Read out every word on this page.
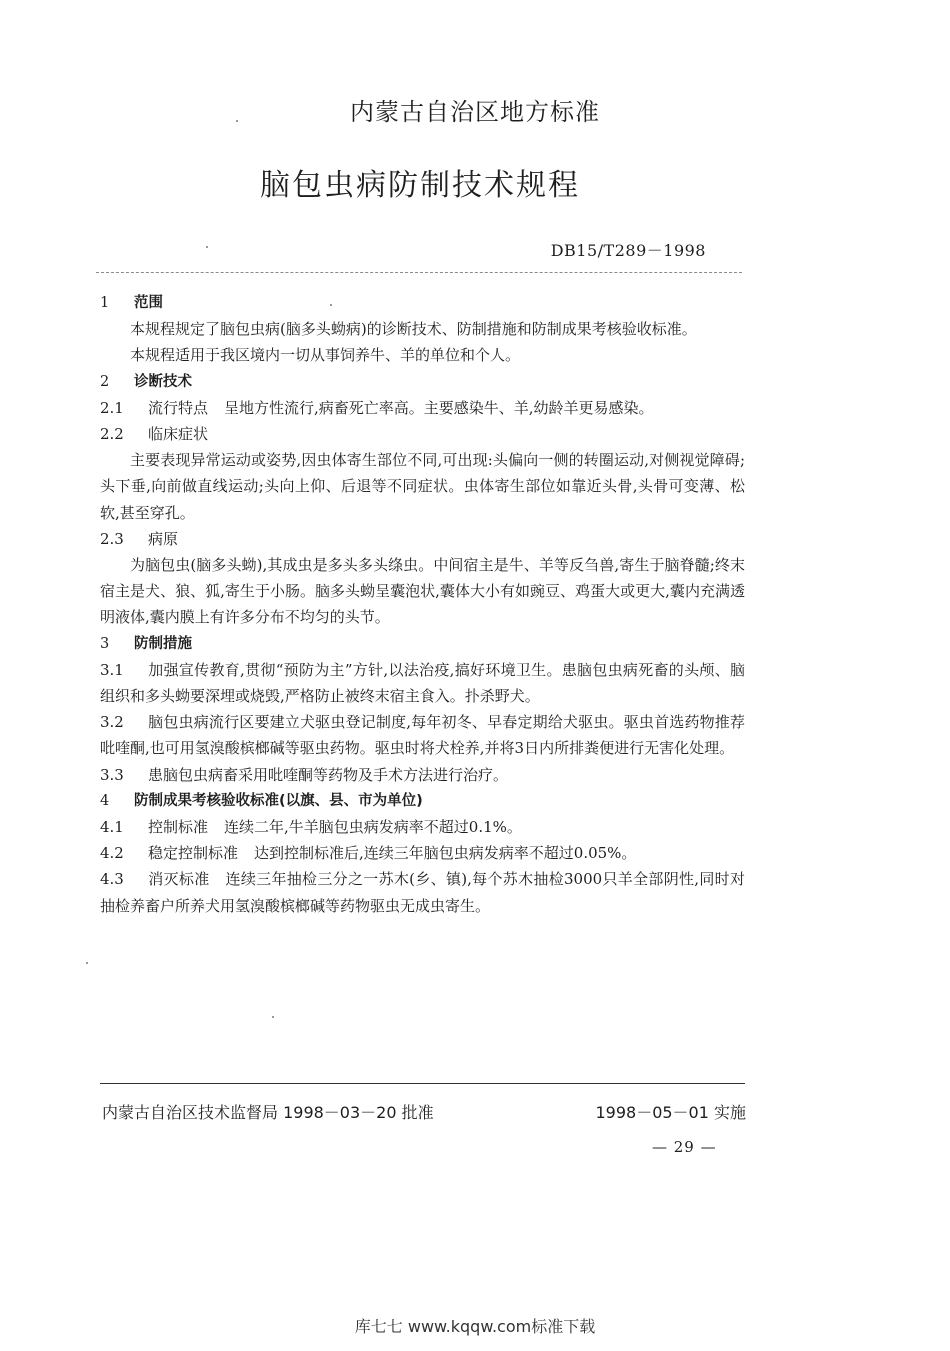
内蒙古自治区地方标准
脑包虫病防制技术规程
DB15/T289－1998

1 范围

本规程规定了脑包虫病(脑多头蚴病)的诊断技术、防制措施和防制成果考核验收标准。

本规程适用于我区境内一切从事饲养牛、羊的单位和个人。

2 诊断技术

2.1 流行特点 呈地方性流行,病畜死亡率高。主要感染牛、羊,幼龄羊更易感染。

2.2 临床症状

主要表现异常运动或姿势,因虫体寄生部位不同,可出现:头偏向一侧的转圈运动,对侧视觉障碍;头下垂,向前做直线运动;头向上仰、后退等不同症状。虫体寄生部位如靠近头骨,头骨可变薄、松软,甚至穿孔。

2.3 病原

为脑包虫(脑多头蚴),其成虫是多头多头绦虫。中间宿主是牛、羊等反刍兽,寄生于脑脊髓;终末宿主是犬、狼、狐,寄生于小肠。脑多头蚴呈囊泡状,囊体大小有如豌豆、鸡蛋大或更大,囊内充满透明液体,囊内膜上有许多分布不均匀的头节。

3 防制措施

3.1 加强宣传教育,贯彻“预防为主”方针,以法治疫,搞好环境卫生。患脑包虫病死畜的头颅、脑组织和多头蚴要深埋或烧毁,严格防止被终末宿主食入。扑杀野犬。

3.2 脑包虫病流行区要建立犬驱虫登记制度,每年初冬、早春定期给犬驱虫。驱虫首选药物推荐吡喹酮,也可用氢溴酸槟榔碱等驱虫药物。驱虫时将犬栓养,并将3日内所排粪便进行无害化处理。

3.3 患脑包虫病畜采用吡喹酮等药物及手术方法进行治疗。

4 防制成果考核验收标准(以旗、县、市为单位)

4.1 控制标准 连续二年,牛羊脑包虫病发病率不超过0.1%。

4.2 稳定控制标准 达到控制标准后,连续三年脑包虫病发病率不超过0.05%。

4.3 消灭标准 连续三年抽检三分之一苏木(乡、镇),每个苏木抽检3000只羊全部阴性,同时对抽检养畜户所养犬用氢溴酸槟榔碱等药物驱虫无成虫寄生。

内蒙古自治区技术监督局 1998－03－20 批准	1998－05－01 实施
— 29 —
库七七 www.kqqw.com标准下载
